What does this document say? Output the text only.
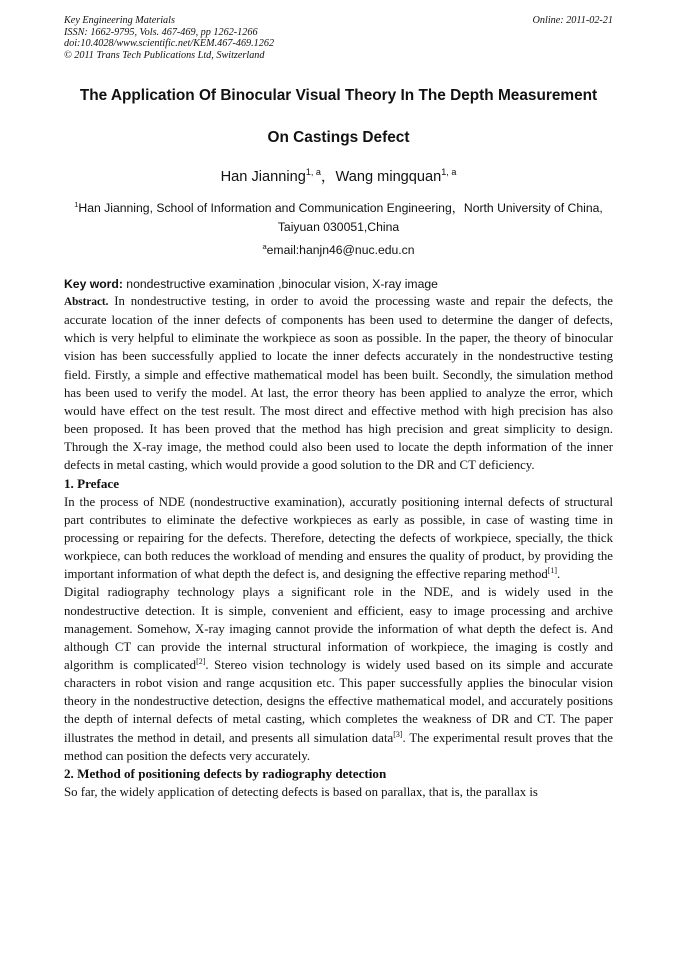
Key Engineering Materials
ISSN: 1662-9795, Vols. 467-469, pp 1262-1266
doi:10.4028/www.scientific.net/KEM.467-469.1262
© 2011 Trans Tech Publications Ltd, Switzerland
Online: 2011-02-21
The Application Of Binocular Visual Theory In The Depth Measurement
On Castings Defect
Han Jianning$^{1, a}$，Wang mingquan$^{1, a}$
$^1$Han Jianning, School of Information and Communication Engineering，North University of China,
Taiyuan 030051,China
$^a$email:hanjn46@nuc.edu.cn
Key word: nondestructive examination ,binocular vision, X-ray image

Abstract. In nondestructive testing, in order to avoid the processing waste and repair the defects, the accurate location of the inner defects of components has been used to determine the danger of defects, which is very helpful to eliminate the workpiece as soon as possible. In the paper, the theory of binocular vision has been successfully applied to locate the inner defects accurately in the nondestructive testing field. Firstly, a simple and effective mathematical model has been built. Secondly, the simulation method has been used to verify the model. At last, the error theory has been applied to analyze the error, which would have effect on the test result. The most direct and effective method with high precision has also been proposed. It has been proved that the method has high precision and great simplicity to design. Through the X-ray image, the method could also been used to locate the depth information of the inner defects in metal casting, which would provide a good solution to the DR and CT deficiency.

1. Preface

In the process of NDE (nondestructive examination), accuratly positioning internal defects of structural part contributes to eliminate the defective workpieces as early as possible, in case of wasting time in processing or repairing for the defects. Therefore, detecting the defects of workpiece, specially, the thick workpiece, can both reduces the workload of mending and ensures the quality of product, by providing the important information of what depth the defect is, and designing the effective reparing method[1].

Digital radiography technology plays a significant role in the NDE, and is widely used in the nondestructive detection. It is simple, convenient and efficient, easy to image processing and archive management. Somehow, X-ray imaging cannot provide the information of what depth the defect is. And although CT can provide the internal structural information of workpiece, the imaging is costly and algorithm is complicated[2]. Stereo vision technology is widely used based on its simple and accurate characters in robot vision and range acqusition etc. This paper successfully applies the binocular vision theory in the nondestructive detection, designs the effective mathematical model, and accurately positions the depth of internal defects of metal casting, which completes the weakness of DR and CT. The paper illustrates the method in detail, and presents all simulation data[3]. The experimental result proves that the method can position the defects very accurately.

2. Method of positioning defects by radiography detection

So far, the widely application of detecting defects is based on parallax, that is, the parallax is
